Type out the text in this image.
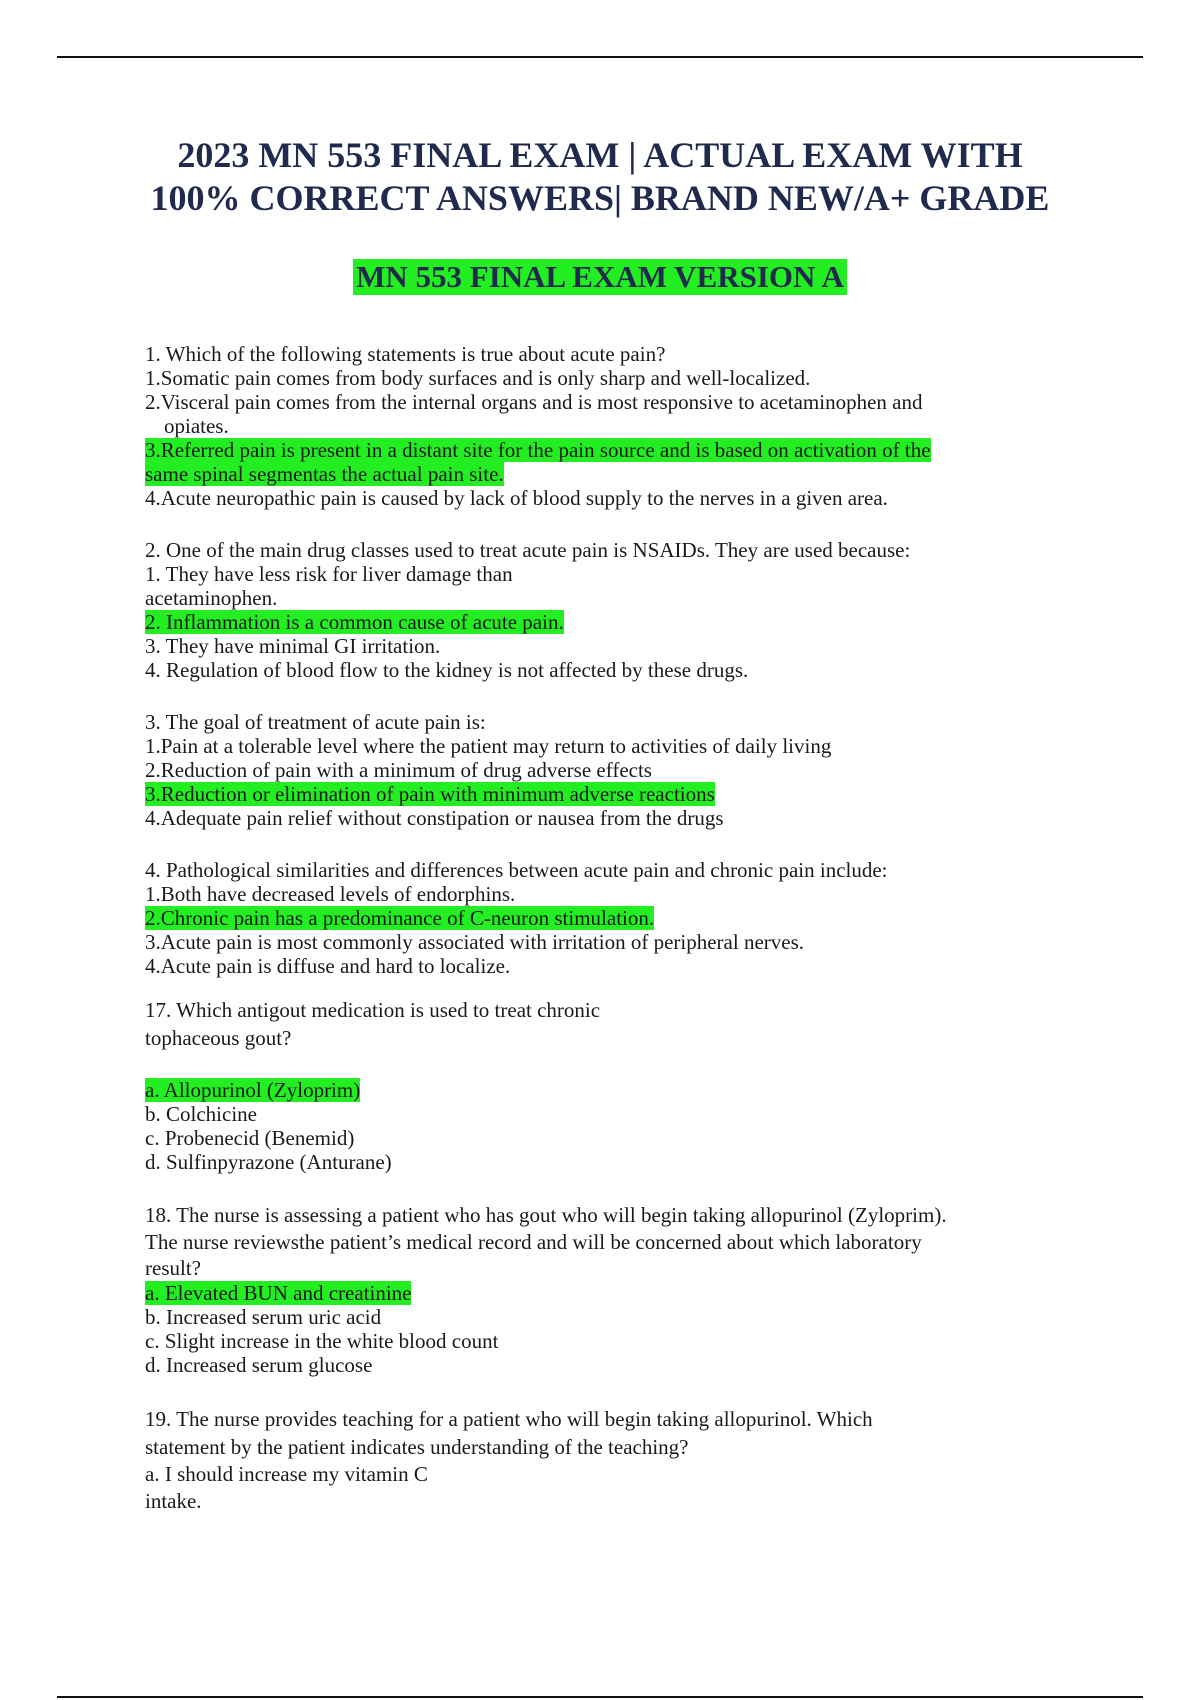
2023 MN 553 FINAL EXAM | ACTUAL EXAM WITH
100% CORRECT ANSWERS| BRAND NEW/A+ GRADE
MN 553 FINAL EXAM VERSION A

1. Which of the following statements is true about acute pain?

1.Somatic pain comes from body surfaces and is only sharp and well-localized.

2.Visceral pain comes from the internal organs and is most responsive to acetaminophen and

opiates.

3.Referred pain is present in a distant site for the pain source and is based on activation of the

same spinal segmentas the actual pain site.

4.Acute neuropathic pain is caused by lack of blood supply to the nerves in a given area.

2. One of the main drug classes used to treat acute pain is NSAIDs. They are used because:

1. They have less risk for liver damage than

acetaminophen.

2. Inflammation is a common cause of acute pain.

3. They have minimal GI irritation.

4. Regulation of blood flow to the kidney is not affected by these drugs.

3. The goal of treatment of acute pain is:

1.Pain at a tolerable level where the patient may return to activities of daily living

2.Reduction of pain with a minimum of drug adverse effects

3.Reduction or elimination of pain with minimum adverse reactions

4.Adequate pain relief without constipation or nausea from the drugs

4. Pathological similarities and differences between acute pain and chronic pain include:

1.Both have decreased levels of endorphins.

2.Chronic pain has a predominance of C-neuron stimulation.

3.Acute pain is most commonly associated with irritation of peripheral nerves.

4.Acute pain is diffuse and hard to localize.

17. Which antigout medication is used to treat chronic

tophaceous gout?

a. Allopurinol (Zyloprim)

b. Colchicine

c. Probenecid (Benemid)

d. Sulfinpyrazone (Anturane)

18. The nurse is assessing a patient who has gout who will begin taking allopurinol (Zyloprim).

The nurse reviewsthe patient’s medical record and will be concerned about which laboratory

result?

a. Elevated BUN and creatinine

b. Increased serum uric acid

c. Slight increase in the white blood count

d. Increased serum glucose

19. The nurse provides teaching for a patient who will begin taking allopurinol. Which

statement by the patient indicates understanding of the teaching?

a. I should increase my vitamin C

intake.
